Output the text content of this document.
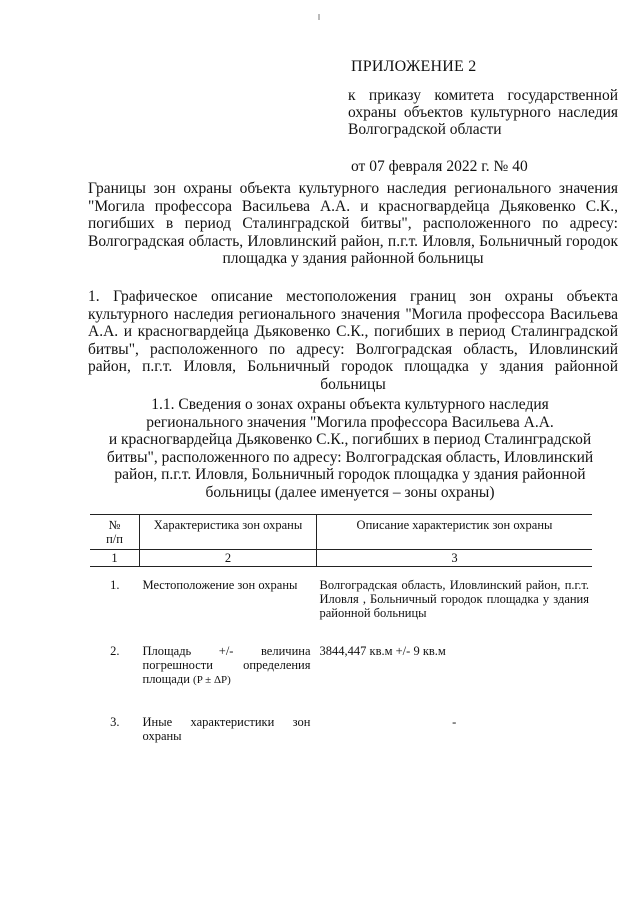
ПРИЛОЖЕНИЕ 2

к приказу комитета государственной охраны объектов культурного наследия Волгоградской области

от 07 февраля 2022 г. № 40

Границы зон охраны объекта культурного наследия регионального значения "Могила профессора Васильева А.А. и красногвардейца Дьяковенко С.К., погибших в период Сталинградской битвы", расположенного по адресу: Волгоградская область, Иловлинский район, п.г.т. Иловля, Больничный городок площадка у здания районной больницы

1. Графическое описание местоположения границ зон охраны объекта культурного наследия регионального значения "Могила профессора Васильева А.А. и красногвардейца Дьяковенко С.К., погибших в период Сталинградской битвы", расположенного по адресу: Волгоградская область, Иловлинский район, п.г.т. Иловля, Больничный городок площадка у здания районной больницы

1.1. Сведения о зонах охраны объекта культурного наследия
регионального значения "Могила профессора Васильева А.А.
и красногвардейца Дьяковенко С.К., погибших в период Сталинградской
битвы", расположенного по адресу: Волгоградская область, Иловлинский
район, п.г.т. Иловля, Больничный городок площадка у здания районной
больницы (далее именуется – зоны охраны)
№
п/п	Характеристика зон охраны	Описание характеристик зон охраны
1	2	3
1.	Местоположение зон охраны	Волгоградская область, Иловлинский район, п.г.т. Иловля , Больничный городок площадка у здания районной больницы
2.	Площадь +/- величина погрешности определения площади (P ± ΔP)	3844,447 кв.м +/- 9 кв.м
3.	Иные характеристики зон охраны	-
